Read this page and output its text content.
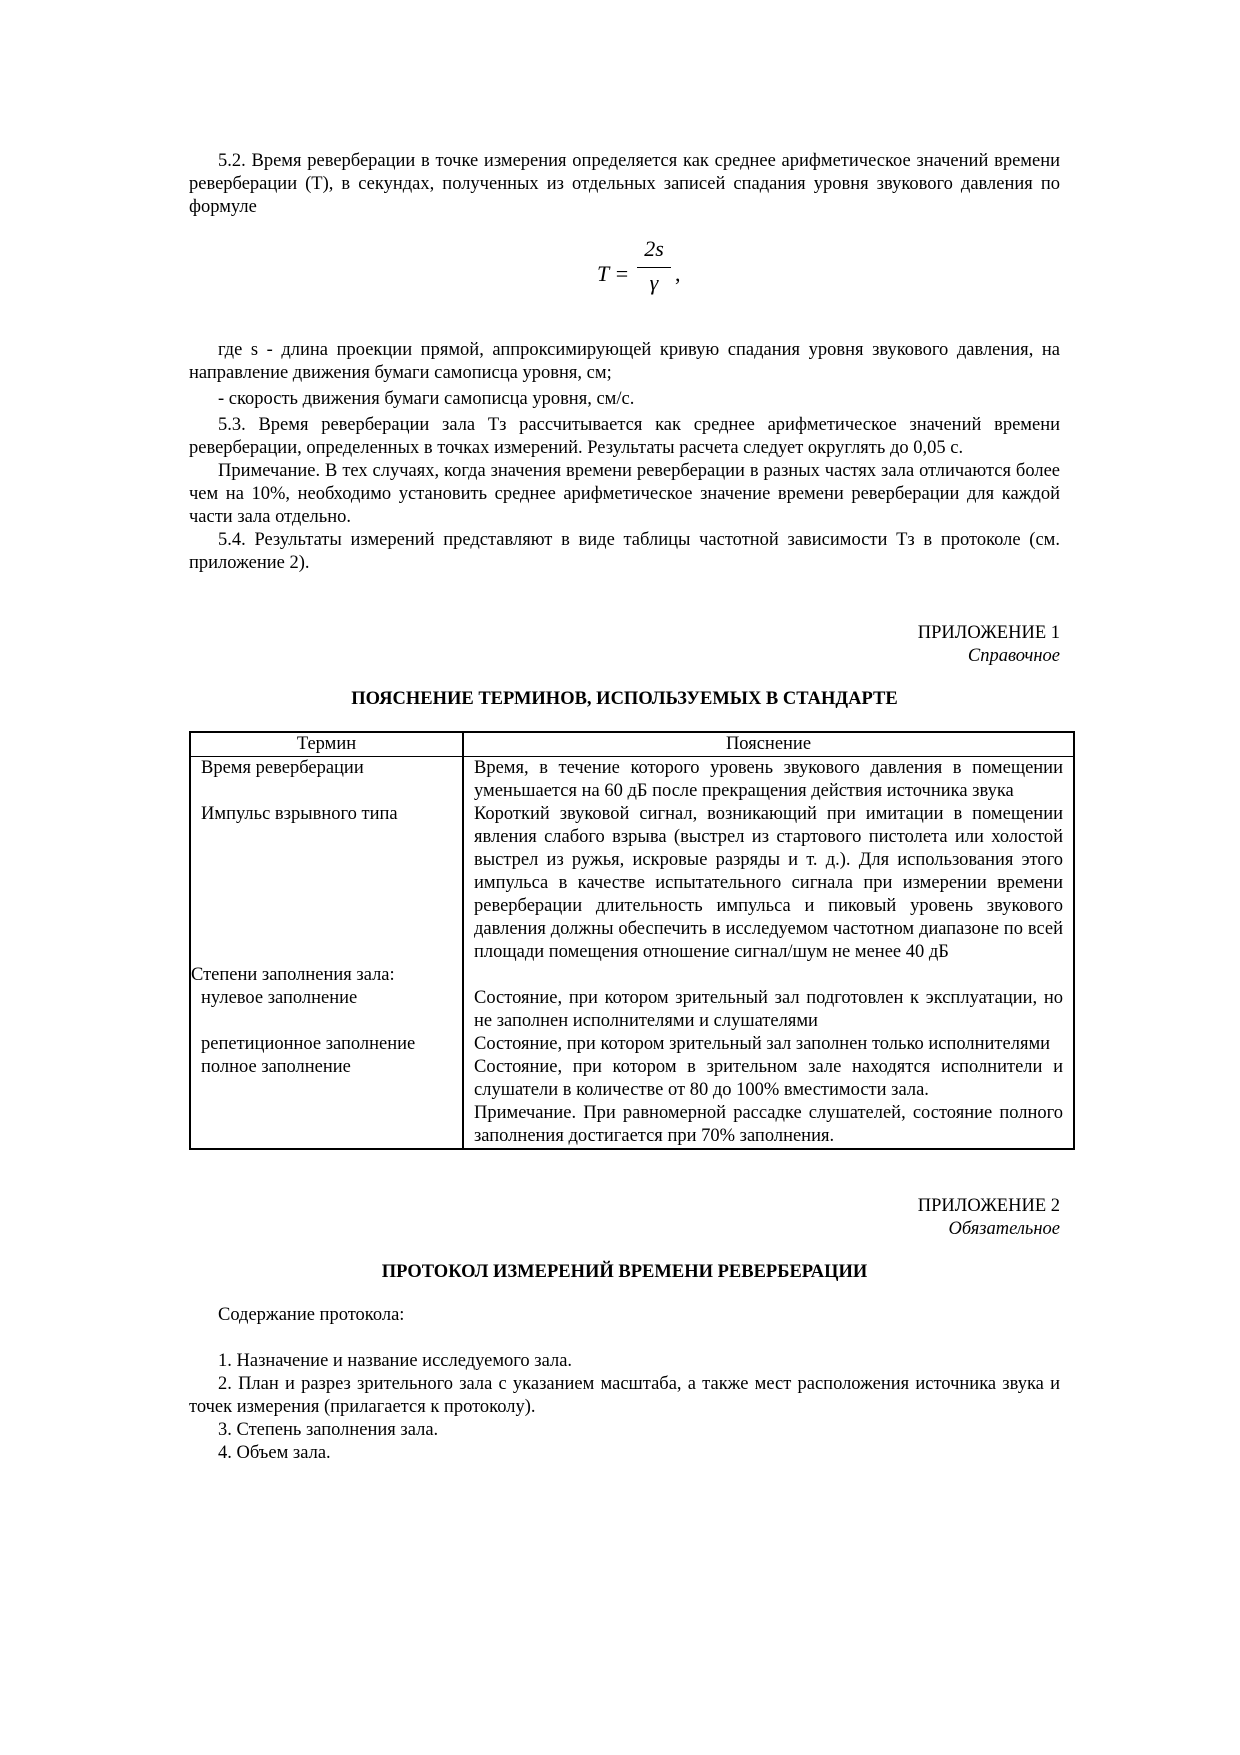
5.2. Время реверберации в точке измерения определяется как среднее арифметическое значений времени реверберации (T), в секундах, полученных из отдельных записей спадания уровня звукового давления по формуле

$T = \frac{2s}{\gamma}$ ,

где s - длина проекции прямой, аппроксимирующей кривую спадания уровня звукового давления, на направление движения бумаги самописца уровня, см;

- скорость движения бумаги самописца уровня, см/с.

5.3. Время реверберации зала Tз рассчитывается как среднее арифметическое значений времени реверберации, определенных в точках измерений. Результаты расчета следует округлять до 0,05 с.

Примечание. В тех случаях, когда значения времени реверберации в разных частях зала отличаются более чем на 10%, необходимо установить среднее арифметическое значение времени реверберации для каждой части зала отдельно.

5.4. Результаты измерений представляют в виде таблицы частотной зависимости Tз в протоколе (см. приложение 2).

ПРИЛОЖЕНИЕ 1

Справочное

ПОЯСНЕНИЕ ТЕРМИНОВ, ИСПОЛЬЗУЕМЫХ В СТАНДАРТЕ

Термин	Пояснение
Время реверберации	Время, в течение которого уровень звукового давления в помещении уменьшается на 60 дБ после прекращения действия источника звука
Импульс взрывного типа	Короткий звуковой сигнал, возникающий при имитации в помещении явления слабого взрыва (выстрел из стартового пистолета или холостой выстрел из ружья, искровые разряды и т. д.). Для использования этого импульса в качестве испытательного сигнала при измерении времени реверберации длительность импульса и пиковый уровень звукового давления должны обеспечить в исследуемом частотном диапазоне по всей площади помещения отношение сигнал/шум не менее 40 дБ
Степени заполнения зала:	
нулевое заполнение	Состояние, при котором зрительный зал подготовлен к эксплуатации, но не заполнен исполнителями и слушателями
репетиционное заполнение	Состояние, при котором зрительный зал заполнен только исполнителями
полное заполнение	Состояние, при котором в зрительном зале находятся исполнители и слушатели в количестве от 80 до 100% вместимости зала.
	Примечание. При равномерной рассадке слушателей, состояние полного заполнения достигается при 70% заполнения.

ПРИЛОЖЕНИЕ 2

Обязательное

ПРОТОКОЛ ИЗМЕРЕНИЙ ВРЕМЕНИ РЕВЕРБЕРАЦИИ

Содержание протокола:

1. Назначение и название исследуемого зала.

2. План и разрез зрительного зала с указанием масштаба, а также мест расположения источника звука и точек измерения (прилагается к протоколу).

3. Степень заполнения зала.

4. Объем зала.
